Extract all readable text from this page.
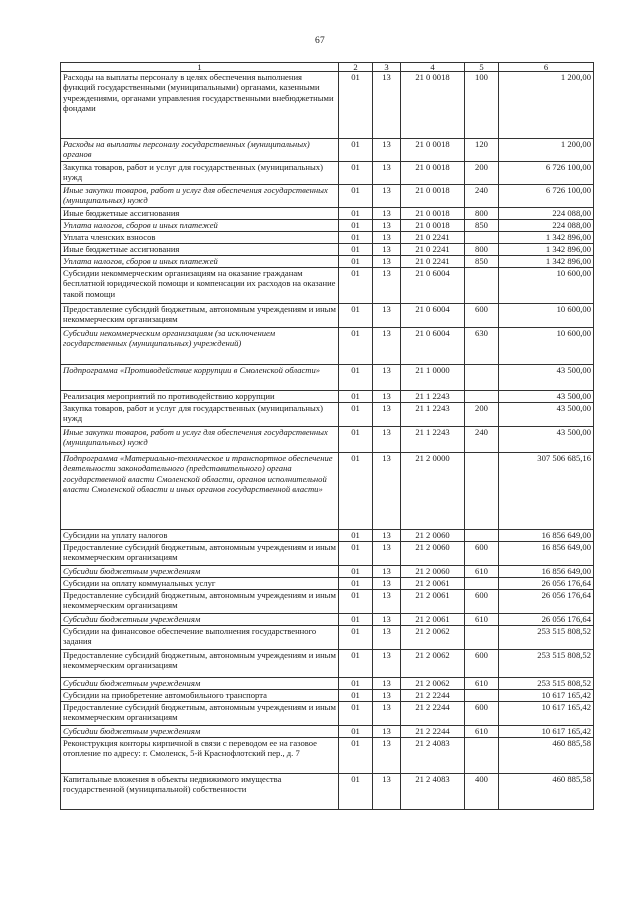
67
1	2	3	4	5	6
Расходы на выплаты персоналу в целях обеспечения выполнения функций государственными (муниципальными) органами, казенными учреждениями, органами управления государственными внебюджетными фондами	01	13	21 0 0018	100	1 200,00
Расходы на выплаты персоналу государственных (муниципальных) органов	01	13	21 0 0018	120	1 200,00
Закупка товаров, работ и услуг для государственных (муниципальных) нужд	01	13	21 0 0018	200	6 726 100,00
Иные закупки товаров, работ и услуг для обеспечения государственных (муниципальных) нужд	01	13	21 0 0018	240	6 726 100,00
Иные бюджетные ассигнования	01	13	21 0 0018	800	224 088,00
Уплата налогов, сборов и иных платежей	01	13	21 0 0018	850	224 088,00
Уплата членских взносов	01	13	21 0 2241		1 342 896,00
Иные бюджетные ассигнования	01	13	21 0 2241	800	1 342 896,00
Уплата налогов, сборов и иных платежей	01	13	21 0 2241	850	1 342 896,00
Субсидии некоммерческим организациям на оказание гражданам бесплатной юридической помощи и компенсации их расходов на оказание такой помощи	01	13	21 0 6004		10 600,00
Предоставление субсидий бюджетным, автономным учреждениям и иным некоммерческим организациям	01	13	21 0 6004	600	10 600,00
Субсидии некоммерческим организациям (за исключением государственных (муниципальных) учреждений)	01	13	21 0 6004	630	10 600,00
Подпрограмма «Противодействие коррупции в Смоленской области»	01	13	21 1 0000		43 500,00
Реализация мероприятий по противодействию коррупции	01	13	21 1 2243		43 500,00
Закупка товаров, работ и услуг для государственных (муниципальных) нужд	01	13	21 1 2243	200	43 500,00
Иные закупки товаров, работ и услуг для обеспечения государственных (муниципальных) нужд	01	13	21 1 2243	240	43 500,00
Подпрограмма «Материально-техническое и транспортное обеспечение деятельности законодательного (представительного) органа государственной власти Смоленской области, органов исполнительной власти Смоленской области и иных органов государственной власти»	01	13	21 2 0000		307 506 685,16
Субсидии на уплату налогов	01	13	21 2 0060		16 856 649,00
Предоставление субсидий бюджетным, автономным учреждениям и иным некоммерческим организациям	01	13	21 2 0060	600	16 856 649,00
Субсидии бюджетным учреждениям	01	13	21 2 0060	610	16 856 649,00
Субсидии на оплату коммунальных услуг	01	13	21 2 0061		26 056 176,64
Предоставление субсидий бюджетным, автономным учреждениям и иным некоммерческим организациям	01	13	21 2 0061	600	26 056 176,64
Субсидии бюджетным учреждениям	01	13	21 2 0061	610	26 056 176,64
Субсидии на финансовое обеспечение выполнения государственного задания	01	13	21 2 0062		253 515 808,52
Предоставление субсидий бюджетным, автономным учреждениям и иным некоммерческим организациям	01	13	21 2 0062	600	253 515 808,52
Субсидии бюджетным учреждениям	01	13	21 2 0062	610	253 515 808,52
Субсидии на приобретение автомобильного транспорта	01	13	21 2 2244		10 617 165,42
Предоставление субсидий бюджетным, автономным учреждениям и иным некоммерческим организациям	01	13	21 2 2244	600	10 617 165,42
Субсидии бюджетным учреждениям	01	13	21 2 2244	610	10 617 165,42
Реконструкция конторы кирпичной в связи с переводом ее на газовое отопление по адресу: г. Смоленск, 5-й Краснофлотский пер., д. 7	01	13	21 2 4083		460 885,58
Капитальные вложения в объекты недвижимого имущества государственной (муниципальной) собственности	01	13	21 2 4083	400	460 885,58
